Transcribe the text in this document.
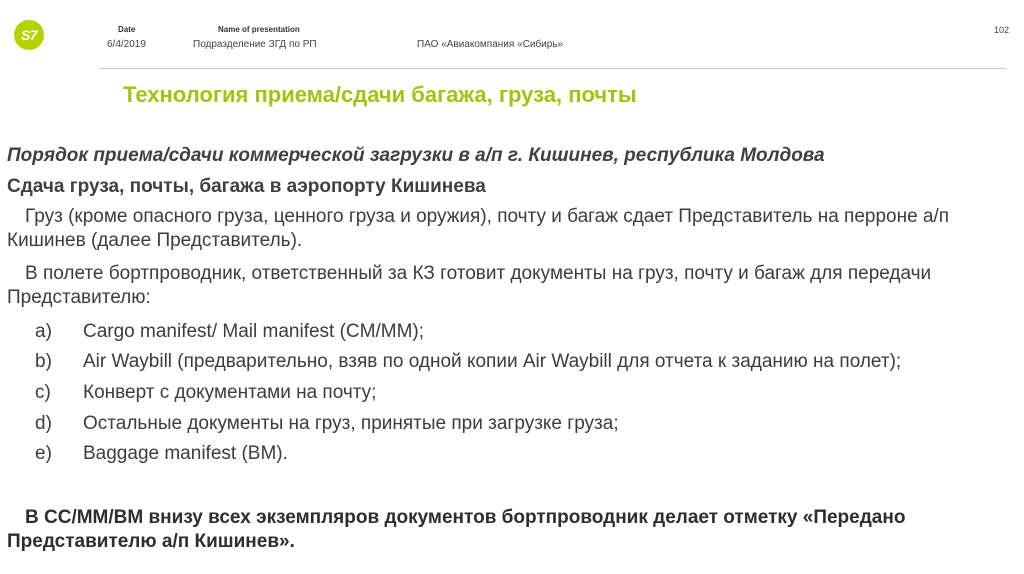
S7	Date
6/4/2019
Name of presentation
Подразделение ЗГД по РП	ПАО «Авиакомпания «Сибирь»
102
Технология приема/сдачи багажа, груза, почты
Порядок приема/сдачи коммерческой загрузки в а/п г. Кишинев, республика Молдова
Сдача груза, почты, багажа в аэропорту Кишинева
Груз (кроме опасного груза, ценного груза и оружия), почту и багаж сдает Представитель на перроне а/п Кишинев (далее Представитель).
В полете бортпроводник, ответственный за КЗ готовит документы на груз, почту и багаж для передачи Представителю:
a) Cargo manifest/ Mail manifest (CM/MM);
b) Air Waybill (предварительно, взяв по одной копии Air Waybill для отчета к заданию на полет);
c) Конверт с документами на почту;
d) Остальные документы на груз, принятые при загрузке груза;
e) Baggage manifest (BM).
В CC/MM/BM внизу всех экземпляров документов бортпроводник делает отметку «Передано Представителю а/п Кишинев».
